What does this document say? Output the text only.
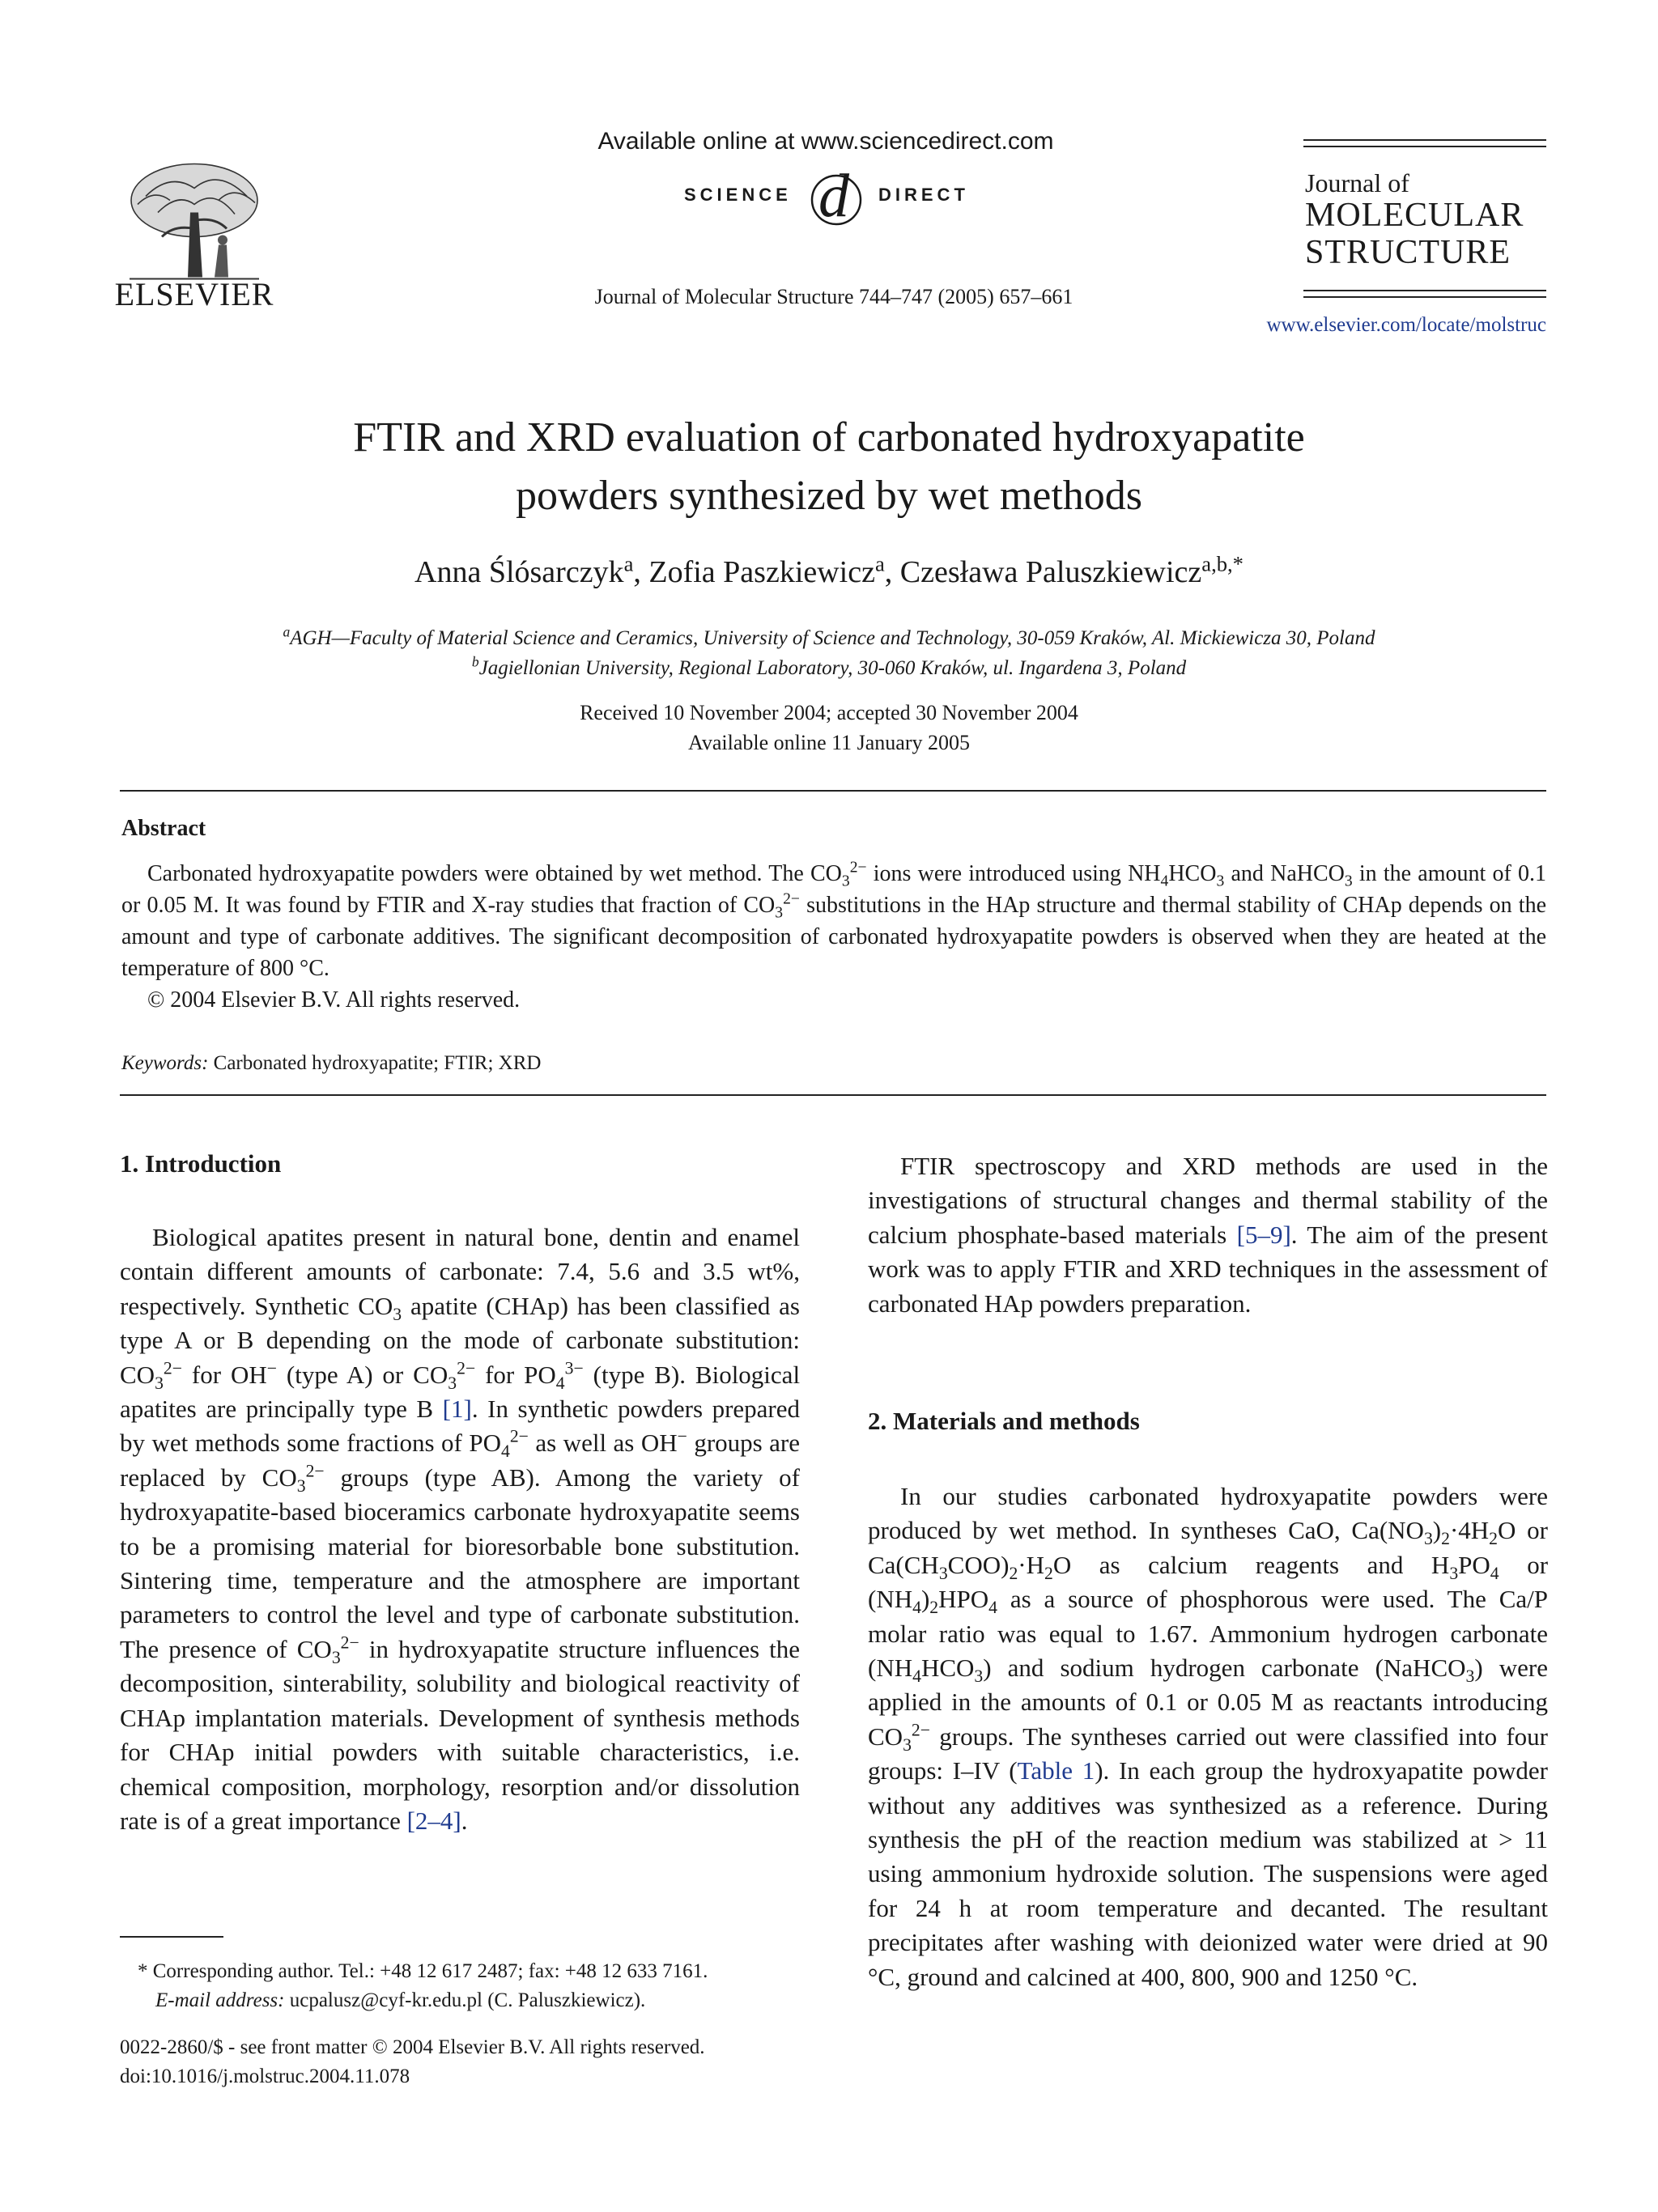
ELSEVIER
Available online at www.sciencedirect.com
d
SCIENCE	DIRECT
Journal of Molecular Structure 744–747 (2005) 657–661
Journal of
MOLECULAR
STRUCTURE
www.elsevier.com/locate/molstruc
FTIR and XRD evaluation of carbonated hydroxyapatite
powders synthesized by wet methods
Anna Ślósarczyk$^a$, Zofia Paszkiewicz$^a$, Czesława Paluszkiewicz$^{a,b,*}$
$^a$AGH—Faculty of Material Science and Ceramics, University of Science and Technology, 30-059 Kraków, Al. Mickiewicza 30, Poland
$^b$Jagiellonian University, Regional Laboratory, 30-060 Kraków, ul. Ingardena 3, Poland
Received 10 November 2004; accepted 30 November 2004
Available online 11 January 2005
Abstract
Carbonated hydroxyapatite powders were obtained by wet method. The $CO_3^{2-}$ ions were introduced using $NH_4HCO_3$ and NaHCO$_3$ in the amount of 0.1 or 0.05 M. It was found by FTIR and X-ray studies that fraction of $CO_3^{2-}$ substitutions in the HAp structure and thermal stability of CHAp depends on the amount and type of carbonate additives. The significant decomposition of carbonated hydroxyapatite powders is observed when they are heated at the temperature of 800 °C.
© 2004 Elsevier B.V. All rights reserved.
Keywords: Carbonated hydroxyapatite; FTIR; XRD
1. Introduction

Biological apatites present in natural bone, dentin and enamel contain different amounts of carbonate: 7.4, 5.6 and 3.5 wt%, respectively. Synthetic $CO_3$ apatite (CHAp) has been classified as type A or B depending on the mode of carbonate substitution: $CO_3^{2-}$ for OH− (type A) or $CO_3^{2-}$ for $PO_4^{3-}$ (type B). Biological apatites are principally type B [1]. In synthetic powders prepared by wet methods some fractions of $PO_4^{2-}$ as well as OH− groups are replaced by $CO_3^{2-}$ groups (type AB). Among the variety of hydroxyapatite-based bioceramics carbonate hydroxyapatite seems to be a promising material for bioresorbable bone substitution. Sintering time, temperature and the atmosphere are important parameters to control the level and type of carbonate substitution. The presence of $CO_3^{2-}$ in hydroxyapatite structure influences the decomposition, sinterability, solubility and biological reactivity of CHAp implantation materials. Development of synthesis methods for CHAp initial powders with suitable characteristics, i.e. chemical composition, morphology, resorption and/or dissolution rate is of a great importance [2–4].

FTIR spectroscopy and XRD methods are used in the investigations of structural changes and thermal stability of the calcium phosphate-based materials [5–9]. The aim of the present work was to apply FTIR and XRD techniques in the assessment of carbonated HAp powders preparation.

2. Materials and methods

In our studies carbonated hydroxyapatite powders were produced by wet method. In syntheses CaO, $Ca(NO_3)_2\cdot 4H_2O$ or $Ca(CH_3COO)_2\cdot H_2O$ as calcium reagents and $H_3PO_4$ or $(NH_4)_2HPO_4$ as a source of phosphorous were used. The Ca/P molar ratio was equal to 1.67. Ammonium hydrogen carbonate $(NH_4HCO_3)$ and sodium hydrogen carbonate (NaHCO$_3$) were applied in the amounts of 0.1 or 0.05 M as reactants introducing $CO_3^{2-}$ groups. The syntheses carried out were classified into four groups: I–IV (Table 1). In each group the hydroxyapatite powder without any additives was synthesized as a reference. During synthesis the pH of the reaction medium was stabilized at > 11 using ammonium hydroxide solution. The suspensions were aged for 24 h at room temperature and decanted. The resultant precipitates after washing with deionized water were dried at 90 °C, ground and calcined at 400, 800, 900 and 1250 °C.

* Corresponding author. Tel.: +48 12 617 2487; fax: +48 12 633 7161.
E-mail address: ucpalusz@cyf-kr.edu.pl (C. Paluszkiewicz).
0022-2860/$ - see front matter © 2004 Elsevier B.V. All rights reserved.
doi:10.1016/j.molstruc.2004.11.078
